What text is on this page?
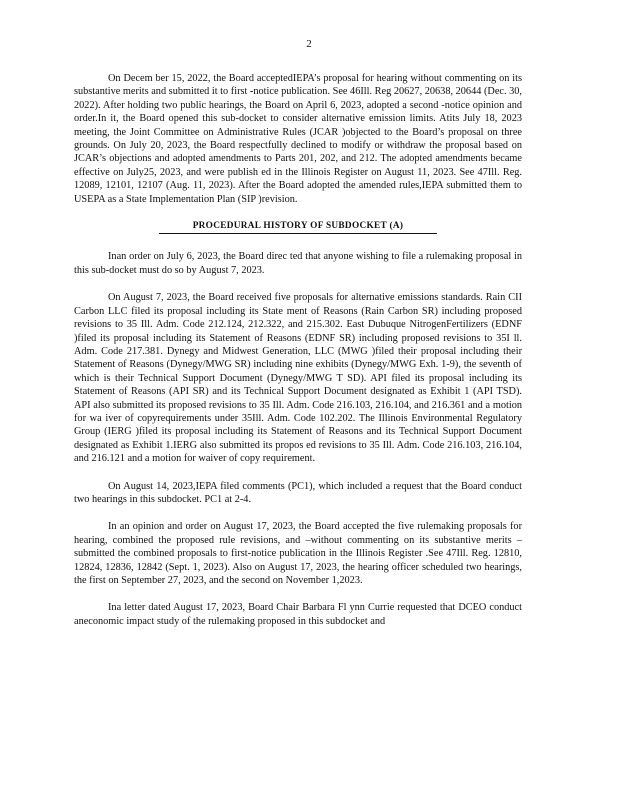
2

On Decem ber 15, 2022, the Board acceptedIEPA’s proposal for hearing without commenting on its substantive merits and submitted it to first -notice publication. See 46Ill. Reg 20627, 20638, 20644 (Dec. 30, 2022). After holding two public hearings, the Board on April 6, 2023, adopted a second -notice opinion and order.In it, the Board opened this sub-docket to consider alternative emission limits. Atits July 18, 2023 meeting, the Joint Committee on Administrative Rules (JCAR )objected to the Board’s proposal on three grounds. On July 20, 2023, the Board respectfully declined to modify or withdraw the proposal based on JCAR’s objections and adopted amendments to Parts 201, 202, and 212. The adopted amendments became effective on July25, 2023, and were publish ed in the Illinois Register on August 11, 2023. See 47Ill. Reg. 12089, 12101, 12107 (Aug. 11, 2023). After the Board adopted the amended rules,IEPA submitted them to USEPA as a State Implementation Plan (SIP )revision.

PROCEDURAL HISTORY OF SUBDOCKET (A)

Inan order on July 6, 2023, the Board direc ted that anyone wishing to file a rulemaking proposal in this sub-docket must do so by August 7, 2023.

On August 7, 2023, the Board received five proposals for alternative emissions standards. Rain CII Carbon LLC filed its proposal including its State ment of Reasons (Rain Carbon SR) including proposed revisions to 35 Ill. Adm. Code 212.124, 212.322, and 215.302. East Dubuque NitrogenFertilizers (EDNF )filed its proposal including its Statement of Reasons (EDNF SR) including proposed revisions to 35I ll. Adm. Code 217.381. Dynegy and Midwest Generation, LLC (MWG )filed their proposal including their Statement of Reasons (Dynegy/MWG SR) including nine exhibits (Dynegy/MWG Exh. 1-9), the seventh of which is their Technical Support Document (Dynegy/MWG T SD). API filed its proposal including its Statement of Reasons (API SR) and its Technical Support Document designated as Exhibit 1 (API TSD). API also submitted its proposed revisions to 35 Ill. Adm. Code 216.103, 216.104, and 216.361 and a motion for wa iver of copyrequirements under 35Ill. Adm. Code 102.202. The Illinois Environmental Regulatory Group (IERG )filed its proposal including its Statement of Reasons and its Technical Support Document designated as Exhibit 1.IERG also submitted its propos ed revisions to 35 Ill. Adm. Code 216.103, 216.104, and 216.121 and a motion for waiver of copy requirement.

On August 14, 2023,IEPA filed comments (PC1), which included a request that the Board conduct two hearings in this subdocket. PC1 at 2-4.

In an opinion and order on August 17, 2023, the Board accepted the five rulemaking proposals for hearing, combined the proposed rule revisions, and –without commenting on its substantive merits –submitted the combined proposals to first-notice publication in the Illinois Register .See 47Ill. Reg. 12810, 12824, 12836, 12842 (Sept. 1, 2023). Also on August 17, 2023, the hearing officer scheduled two hearings, the first on September 27, 2023, and the second on November 1,2023.

Ina letter dated August 17, 2023, Board Chair Barbara Fl ynn Currie requested that DCEO conduct aneconomic impact study of the rulemaking proposed in this subdocket and
